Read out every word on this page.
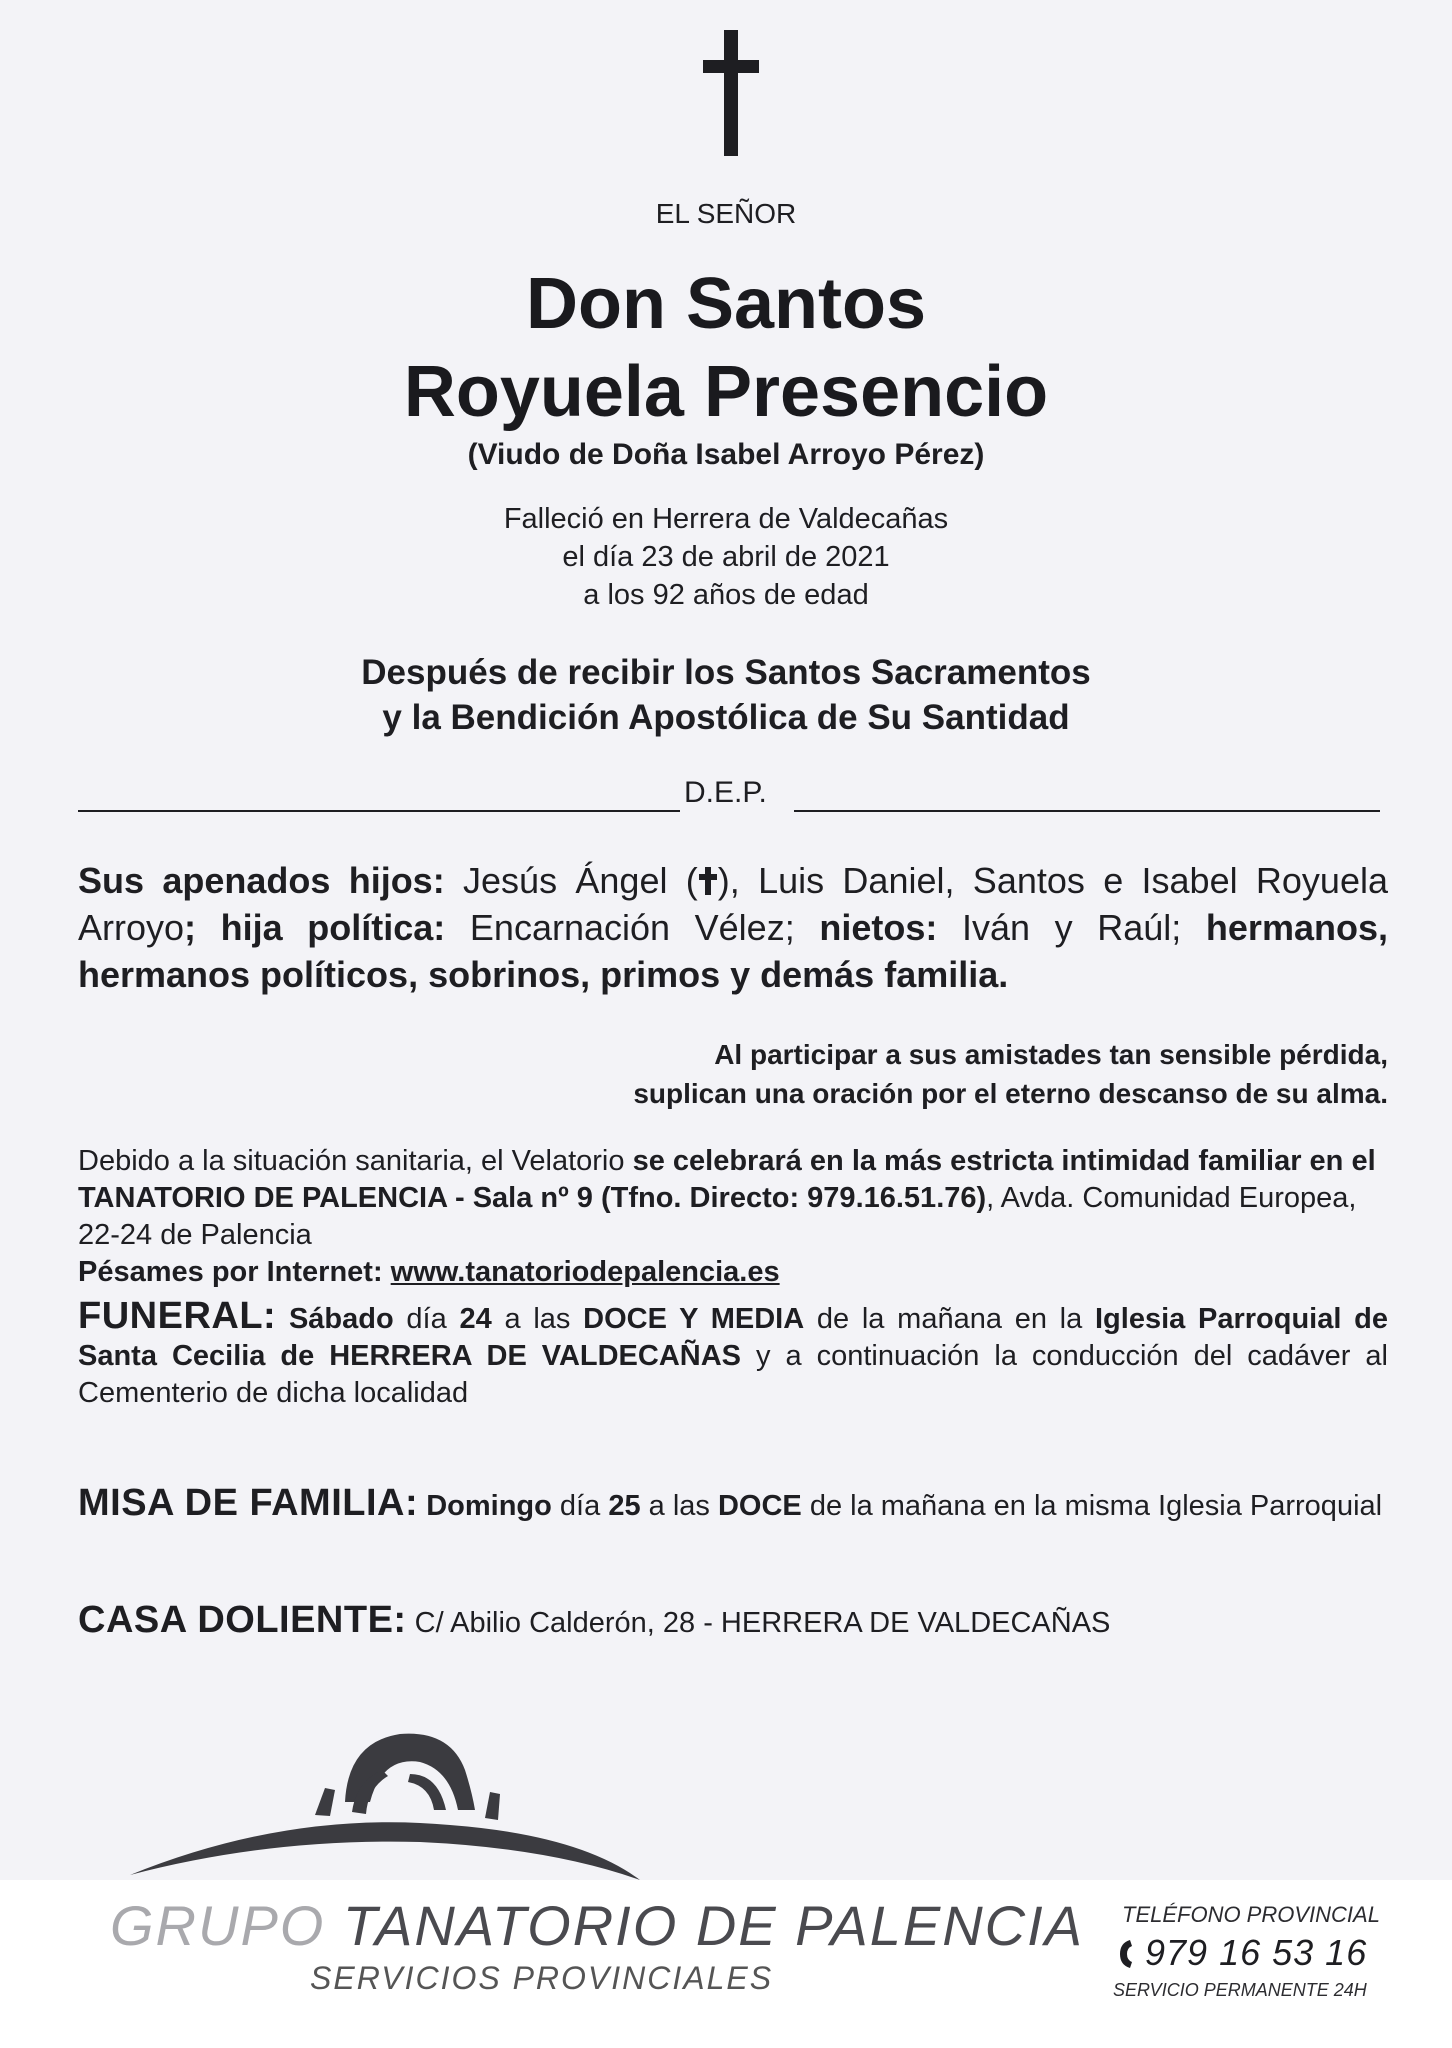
EL SEÑOR
Don Santos
Royuela Presencio
(Viudo de Doña Isabel Arroyo Pérez)
Falleció en Herrera de Valdecañas
el día 23 de abril de 2021
a los 92 años de edad
Después de recibir los Santos Sacramentos
y la Bendición Apostólica de Su Santidad
D.E.P.
Sus apenados hijos: Jesús Ángel ( ), Luis Daniel, Santos e Isabel Royuela Arroyo; hija política: Encarnación Vélez; nietos: Iván y Raúl; hermanos, hermanos políticos, sobrinos, primos y demás familia.
Al participar a sus amistades tan sensible pérdida,
suplican una oración por el eterno descanso de su alma.
Debido a la situación sanitaria, el Velatorio se celebrará en la más estricta intimidad familiar en el TANATORIO DE PALENCIA - Sala nº 9 (Tfno. Directo: 979.16.51.76), Avda. Comunidad Europea, 22-24 de Palencia
Pésames por Internet: www.tanatoriodepalencia.es
FUNERAL: Sábado día 24 a las DOCE Y MEDIA de la mañana en la Iglesia Parroquial de Santa Cecilia de HERRERA DE VALDECAÑAS y a continuación la conducción del cadáver al Cementerio de dicha localidad
MISA DE FAMILIA: Domingo día 25 a las DOCE de la mañana en la misma Iglesia Parroquial
CASA DOLIENTE: C/ Abilio Calderón, 28 - HERRERA DE VALDECAÑAS
GRUPO TANATORIO DE PALENCIA
SERVICIOS PROVINCIALES
TELÉFONO PROVINCIAL
979 16 53 16
SERVICIO PERMANENTE 24H
